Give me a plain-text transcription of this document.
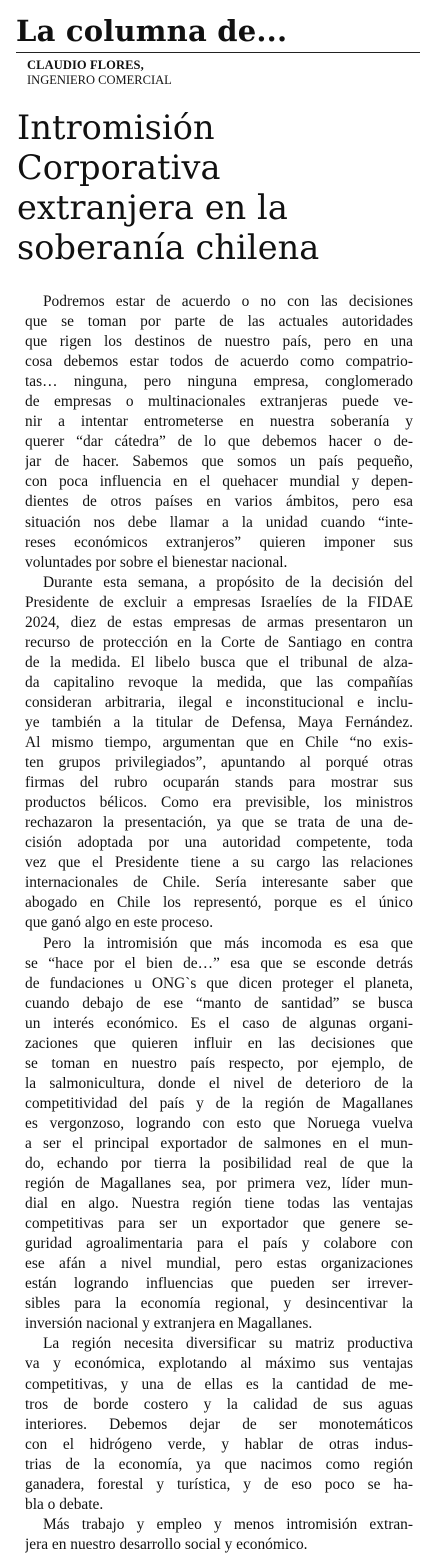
La columna de...
CLAUDIO FLORES,
INGENIERO COMERCIAL
Intromisión
Corporativa
extranjera en la
soberanía chilena

Podremos estar de acuerdo o no con las decisiones
que se toman por parte de las actuales autoridades
que rigen los destinos de nuestro país, pero en una
cosa debemos estar todos de acuerdo como compatrio-
tas… ninguna, pero ninguna empresa, conglomerado
de empresas o multinacionales extranjeras puede ve-
nir a intentar entrometerse en nuestra soberanía y
querer “dar cátedra” de lo que debemos hacer o de-
jar de hacer. Sabemos que somos un país pequeño,
con poca influencia en el quehacer mundial y depen-
dientes de otros países en varios ámbitos, pero esa
situación nos debe llamar a la unidad cuando “inte-
reses económicos extranjeros” quieren imponer sus
voluntades por sobre el bienestar nacional.

Durante esta semana, a propósito de la decisión del
Presidente de excluir a empresas Israelíes de la FIDAE
2024, diez de estas empresas de armas presentaron un
recurso de protección en la Corte de Santiago en contra
de la medida. El libelo busca que el tribunal de alza-
da capitalino revoque la medida, que las compañías
consideran arbitraria, ilegal e inconstitucional e inclu-
ye también a la titular de Defensa, Maya Fernández.
Al mismo tiempo, argumentan que en Chile “no exis-
ten grupos privilegiados”, apuntando al porqué otras
firmas del rubro ocuparán stands para mostrar sus
productos bélicos. Como era previsible, los ministros
rechazaron la presentación, ya que se trata de una de-
cisión adoptada por una autoridad competente, toda
vez que el Presidente tiene a su cargo las relaciones
internacionales de Chile. Sería interesante saber que
abogado en Chile los representó, porque es el único
que ganó algo en este proceso.

Pero la intromisión que más incomoda es esa que
se “hace por el bien de…” esa que se esconde detrás
de fundaciones u ONG`s que dicen proteger el planeta,
cuando debajo de ese “manto de santidad” se busca
un interés económico. Es el caso de algunas organi-
zaciones que quieren influir en las decisiones que
se toman en nuestro país respecto, por ejemplo, de
la salmonicultura, donde el nivel de deterioro de la
competitividad del país y de la región de Magallanes
es vergonzoso, logrando con esto que Noruega vuelva
a ser el principal exportador de salmones en el mun-
do, echando por tierra la posibilidad real de que la
región de Magallanes sea, por primera vez, líder mun-
dial en algo. Nuestra región tiene todas las ventajas
competitivas para ser un exportador que genere se-
guridad agroalimentaria para el país y colabore con
ese afán a nivel mundial, pero estas organizaciones
están logrando influencias que pueden ser irrever-
sibles para la economía regional, y desincentivar la
inversión nacional y extranjera en Magallanes.

La región necesita diversificar su matriz productiva
va y económica, explotando al máximo sus ventajas
competitivas, y una de ellas es la cantidad de me-
tros de borde costero y la calidad de sus aguas
interiores. Debemos dejar de ser monotemáticos
con el hidrógeno verde, y hablar de otras indus-
trias de la economía, ya que nacimos como región
ganadera, forestal y turística, y de eso poco se ha-
bla o debate.

Más trabajo y empleo y menos intromisión extran-
jera en nuestro desarrollo social y económico.
